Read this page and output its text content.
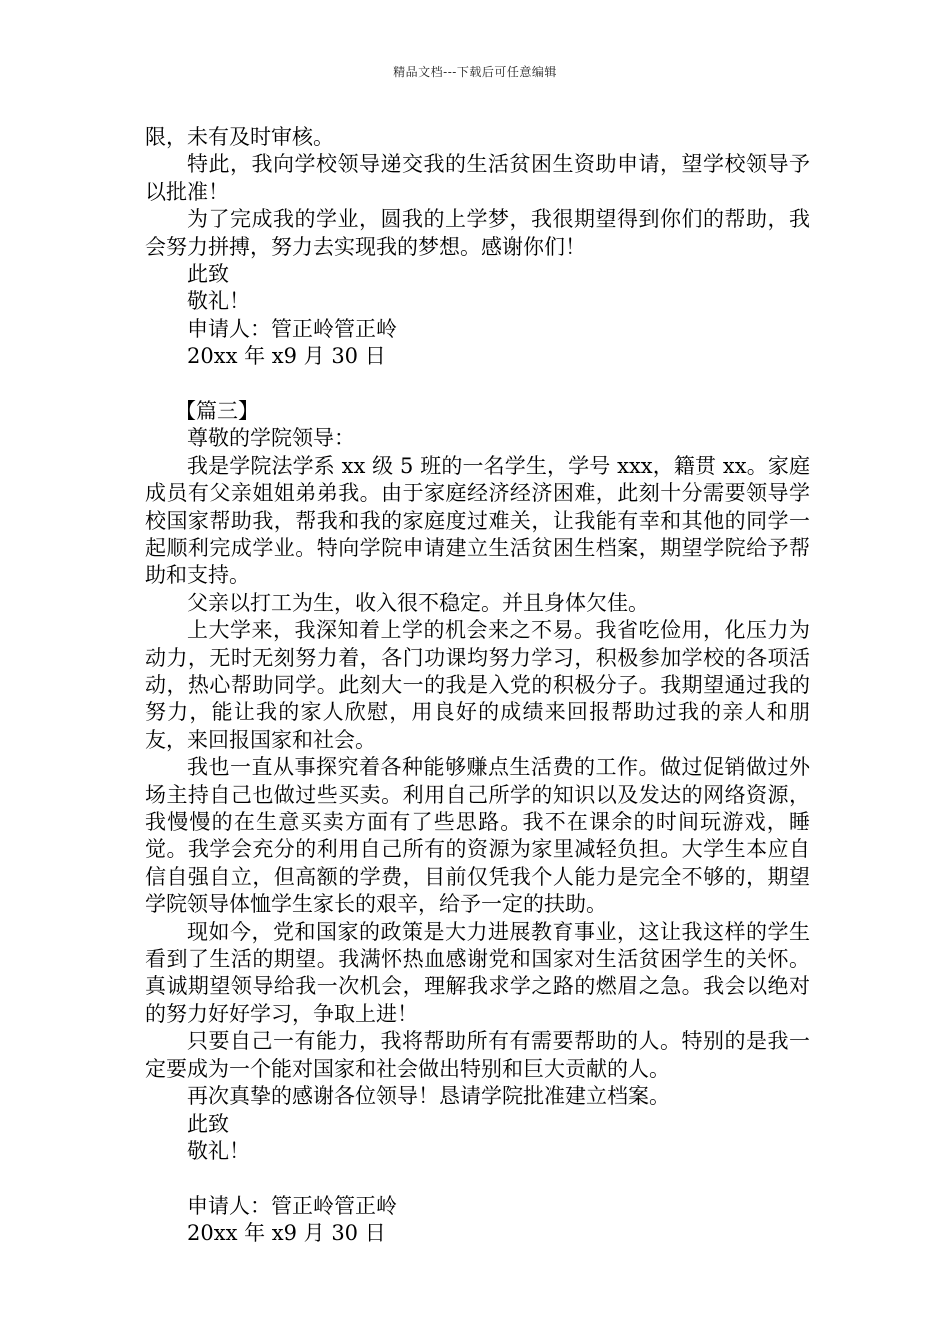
精品文档---下载后可任意编辑
限，未有及时审核。
特此，我向学校领导递交我的生活贫困生资助申请，望学校领导予以批准！
为了完成我的学业，圆我的上学梦，我很期望得到你们的帮助，我会努力拼搏，努力去实现我的梦想。感谢你们！
此致
敬礼！
申请人：管正岭管正岭
20xx 年 x9 月 30 日
【篇三】
尊敬的学院领导：
我是学院法学系 xx 级 5 班的一名学生，学号 xxx，籍贯 xx。家庭成员有父亲姐姐弟弟我。由于家庭经济经济困难，此刻十分需要领导学校国家帮助我，帮我和我的家庭度过难关，让我能有幸和其他的同学一起顺利完成学业。特向学院申请建立生活贫困生档案，期望学院给予帮助和支持。
父亲以打工为生，收入很不稳定。并且身体欠佳。
上大学来，我深知着上学的机会来之不易。我省吃俭用，化压力为动力，无时无刻努力着，各门功课均努力学习，积极参加学校的各项活动，热心帮助同学。此刻大一的我是入党的积极分子。我期望通过我的努力，能让我的家人欣慰，用良好的成绩来回报帮助过我的亲人和朋友，来回报国家和社会。
我也一直从事探究着各种能够赚点生活费的工作。做过促销做过外场主持自己也做过些买卖。利用自己所学的知识以及发达的网络资源，我慢慢的在生意买卖方面有了些思路。我不在课余的时间玩游戏，睡觉。我学会充分的利用自己所有的资源为家里减轻负担。大学生本应自信自强自立，但高额的学费，目前仅凭我个人能力是完全不够的，期望学院领导体恤学生家长的艰辛，给予一定的扶助。
现如今，党和国家的政策是大力进展教育事业，这让我这样的学生看到了生活的期望。我满怀热血感谢党和国家对生活贫困学生的关怀。真诚期望领导给我一次机会，理解我求学之路的燃眉之急。我会以绝对的努力好好学习，争取上进！
只要自己一有能力，我将帮助所有有需要帮助的人。特别的是我一定要成为一个能对国家和社会做出特别和巨大贡献的人。
再次真挚的感谢各位领导！恳请学院批准建立档案。
此致
敬礼！
申请人：管正岭管正岭
20xx 年 x9 月 30 日
